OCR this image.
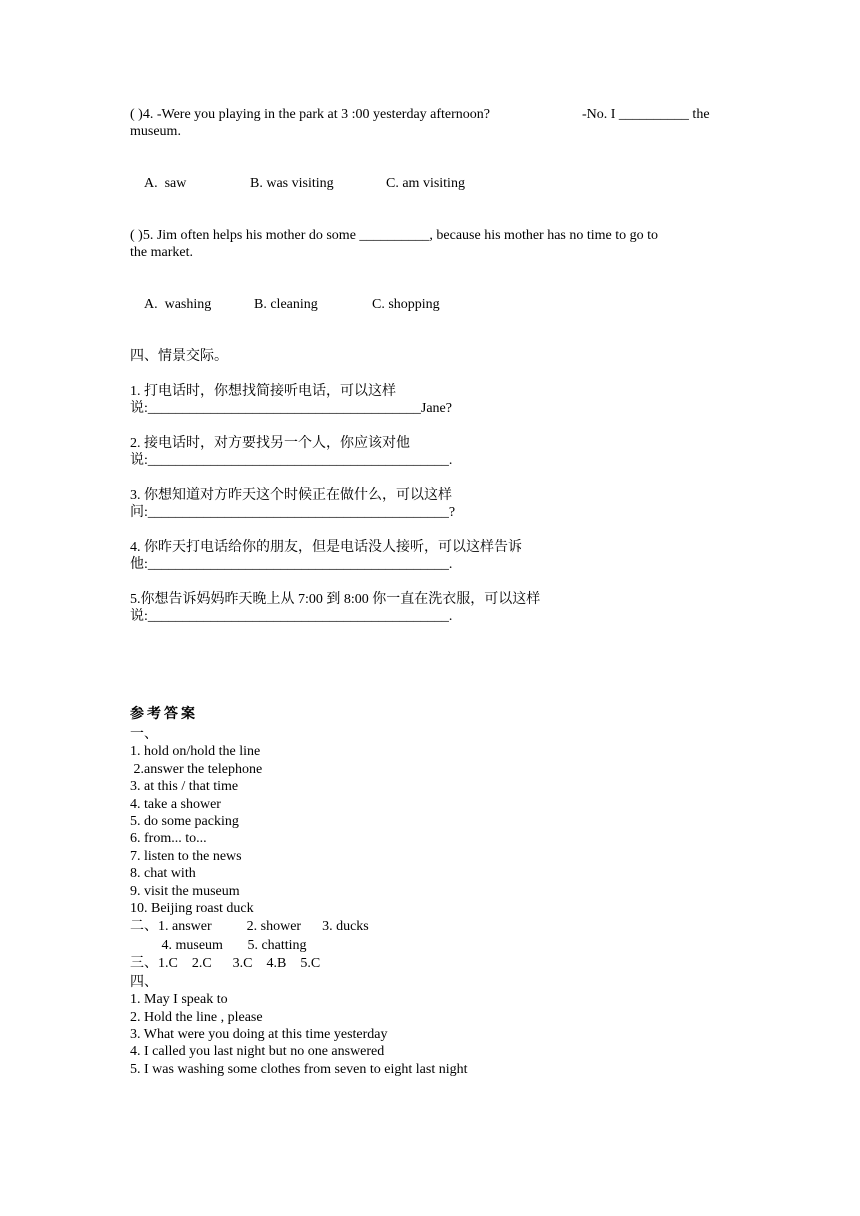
( )4. -Were you playing in the park at 3 :00 yesterday afternoon?	-No. I __________ the
museum.

A.  saw	B. was visiting	C. am visiting

( )5. Jim often helps his mother do some __________, because his mother has no time to go to
the market.

A.  washing	B. cleaning	C. shopping

四、情景交际。
1. 打电话时，你想找简接听电话，可以这样
说:_______________________________________Jane?
2. 接电话时，对方要找另一个人，你应该对他
说:___________________________________________.
3. 你想知道对方昨天这个时候正在做什么，可以这样
问:___________________________________________?
4. 你昨天打电话给你的朋友，但是电话没人接听，可以这样告诉
他:___________________________________________.
5.你想告诉妈妈昨天晚上从 7:00 到 8:00 你一直在洗衣服，可以这样
说:___________________________________________.
参考答案
一、
1. hold on/hold the line
2.answer the telephone
3. at this / that time
4. take a shower
5. do some packing
6. from... to...
7. listen to the news
8. chat with
9. visit the museum
10. Beijing roast duck
二、1. answer          2. shower      3. ducks
4. museum       5. chatting
三、1.C    2.C      3.C    4.B    5.C
四、
1. May I speak to
2. Hold the line , please
3. What were you doing at this time yesterday
4. I called you last night but no one answered
5. I was washing some clothes from seven to eight last night
